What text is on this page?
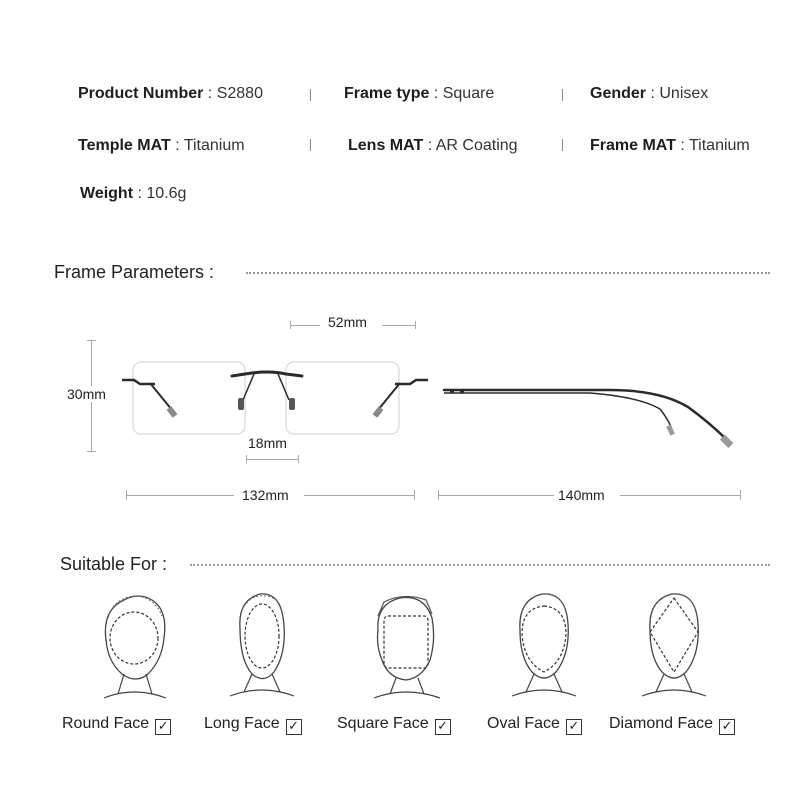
Product Number : S2880	Frame type : Square	Gender : Unisex
Temple MAT : Titanium	Lens MAT : AR Coating	Frame MAT : Titanium
Weight : 10.6g
Frame Parameters :
52mm
30mm
18mm
132mm	140mm
Suitable For :
Round Face ✓ Long Face ✓ Square Face ✓ Oval Face ✓ Diamond Face ✓
